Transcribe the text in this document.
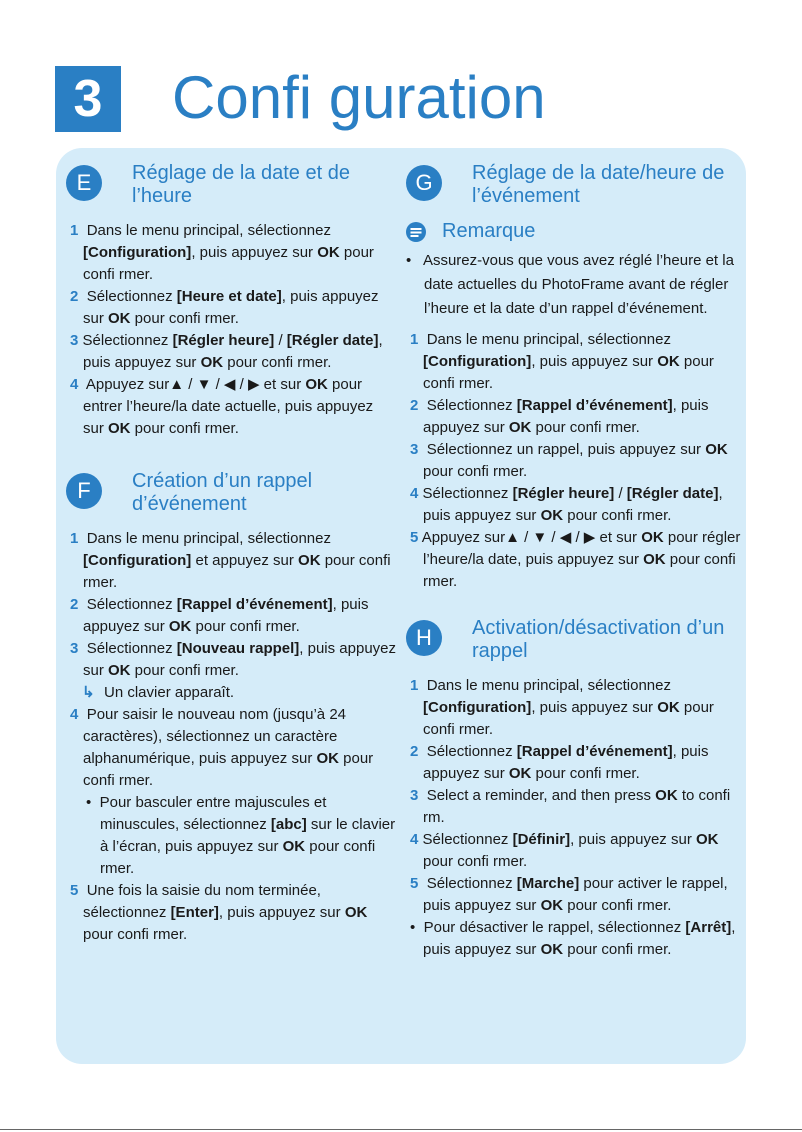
3	Confi guration
E	Réglage de la date et de l’heure

1 Dans le menu principal, sélectionnez [Configuration], puis appuyez sur OK pour confi rmer.

2 Sélectionnez [Heure et date], puis appuyez sur OK pour confi rmer.

3 Sélectionnez [Régler heure] / [Régler date], puis appuyez sur OK pour confi rmer.

4 Appuyez sur▲ / ▼ / ◀ / ▶ et sur OK pour entrer l’heure/la date actuelle, puis appuyez sur OK pour confi rmer.

F	Création d’un rappel d’événement

1 Dans le menu principal, sélectionnez [Configuration] et appuyez sur OK pour confi rmer.

2 Sélectionnez [Rappel d’événement], puis appuyez sur OK pour confi rmer.

3 Sélectionnez [Nouveau rappel], puis appuyez sur OK pour confi rmer.

↳ Un clavier apparaît.

4 Pour saisir le nouveau nom (jusqu’à 24 caractères), sélectionnez un caractère alphanumérique, puis appuyez sur OK pour confi rmer.

•  Pour basculer entre majuscules et minuscules, sélectionnez [abc] sur le clavier à l’écran, puis appuyez sur OK pour confi rmer.

5 Une fois la saisie du nom terminée, sélectionnez [Enter], puis appuyez sur OK pour confi rmer.

G	Réglage de la date/heure de l’événement
Remarque

•   Assurez-vous que vous avez réglé l’heure et la date actuelles du PhotoFrame avant de régler l’heure et la date d’un rappel d’événement.

1 Dans le menu principal, sélectionnez [Configuration], puis appuyez sur OK pour confi rmer.

2 Sélectionnez [Rappel d’événement], puis appuyez sur OK pour confi rmer.

3 Sélectionnez un rappel, puis appuyez sur OK pour confi rmer.

4 Sélectionnez [Régler heure] / [Régler date], puis appuyez sur OK pour confi rmer.

5 Appuyez sur▲ / ▼ / ◀ / ▶ et sur OK pour régler l’heure/la date, puis appuyez sur OK pour confi rmer.

H	Activation/désactivation d’un rappel

1 Dans le menu principal, sélectionnez [Configuration], puis appuyez sur OK pour confi rmer.

2 Sélectionnez [Rappel d’événement], puis appuyez sur OK pour confi rmer.

3 Select a reminder, and then press OK to confi rm.

4 Sélectionnez [Définir], puis appuyez sur OK pour confi rmer.

5 Sélectionnez [Marche] pour activer le rappel, puis appuyez sur OK pour confi rmer.

•  Pour désactiver le rappel, sélectionnez [Arrêt], puis appuyez sur OK pour confi rmer.
